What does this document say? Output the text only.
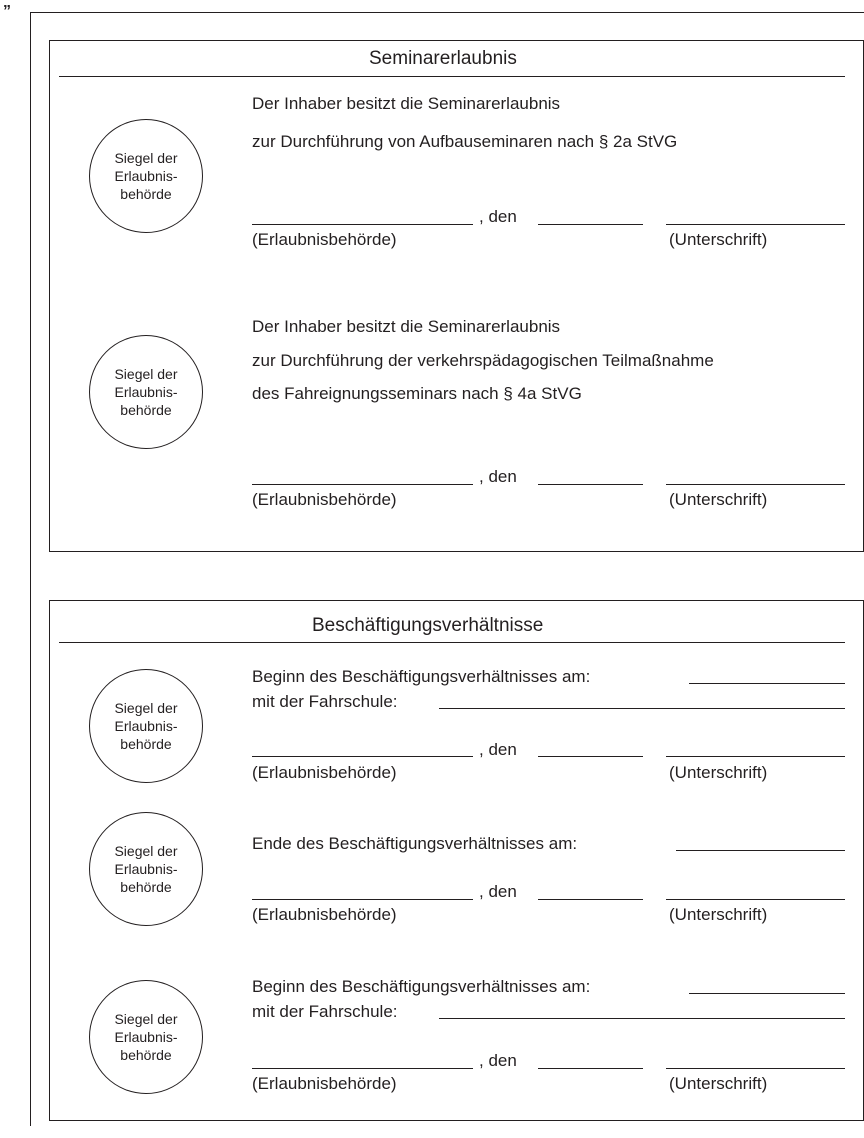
”
Seminarerlaubnis
Siegel der
Erlaubnis-
behörde
Der Inhaber besitzt die Seminarerlaubnis
zur Durchführung von Aufbauseminaren nach § 2a StVG
, den
(Erlaubnisbehörde)	(Unterschrift)
Siegel der
Erlaubnis-
behörde
Der Inhaber besitzt die Seminarerlaubnis
zur Durchführung der verkehrspädagogischen Teilmaßnahme
des Fahreignungsseminars nach § 4a StVG
, den
(Erlaubnisbehörde)	(Unterschrift)
Beschäftigungsverhältnisse
Siegel der
Erlaubnis-
behörde
Beginn des Beschäftigungsverhältnisses am:
mit der Fahrschule:
, den
(Erlaubnisbehörde)	(Unterschrift)
Siegel der
Erlaubnis-
behörde
Ende des Beschäftigungsverhältnisses am:
, den
(Erlaubnisbehörde)	(Unterschrift)
Siegel der
Erlaubnis-
behörde
Beginn des Beschäftigungsverhältnisses am:
mit der Fahrschule:
, den
(Erlaubnisbehörde)	(Unterschrift)
